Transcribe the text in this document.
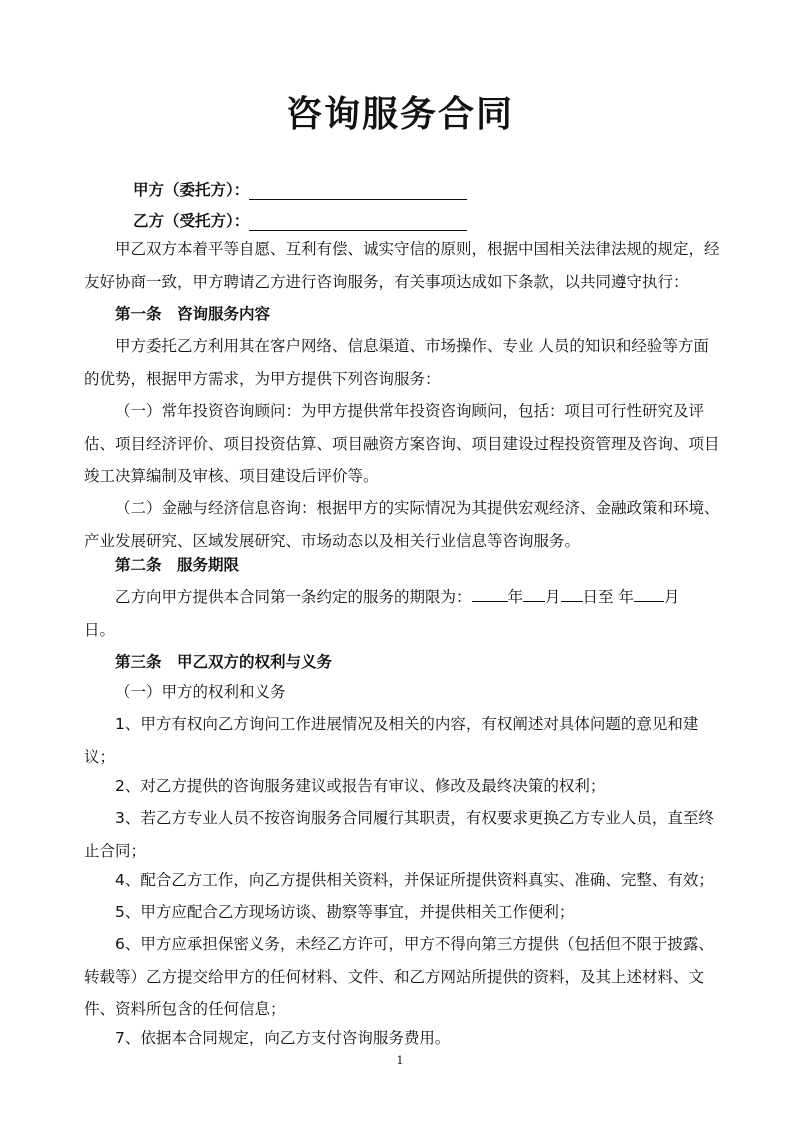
咨询服务合同
甲方（委托方）：
乙方（受托方）：
甲乙双方本着平等自愿、互利有偿、诚实守信的原则，根据中国相关法律法规的规定，经友好协商一致，甲方聘请乙方进行咨询服务，有关事项达成如下条款，以共同遵守执行：
第一条　咨询服务内容
甲方委托乙方利用其在客户网络、信息渠道、市场操作、专业 人员的知识和经验等方面的优势，根据甲方需求，为甲方提供下列咨询服务：
（一）常年投资咨询顾问：为甲方提供常年投资咨询顾问，包括：项目可行性研究及评估、项目经济评价、项目投资估算、项目融资方案咨询、项目建设过程投资管理及咨询、项目竣工决算编制及审核、项目建设后评价等。
（二）金融与经济信息咨询：根据甲方的实际情况为其提供宏观经济、金融政策和环境、产业发展研究、区域发展研究、市场动态以及相关行业信息等咨询服务。
第二条　服务期限
乙方向甲方提供本合同第一条约定的服务的期限为： 年 月 日至 年 月
日。
第三条　甲乙双方的权利与义务
（一）甲方的权利和义务
1、甲方有权向乙方询问工作进展情况及相关的内容，有权阐述对具体问题的意见和建议；
2、对乙方提供的咨询服务建议或报告有审议、修改及最终决策的权利；
3、若乙方专业人员不按咨询服务合同履行其职责，有权要求更换乙方专业人员，直至终止合同；
4、配合乙方工作，向乙方提供相关资料，并保证所提供资料真实、准确、完整、有效；
5、甲方应配合乙方现场访谈、勘察等事宜，并提供相关工作便利；
6、甲方应承担保密义务，未经乙方许可，甲方不得向第三方提供（包括但不限于披露、转载等）乙方提交给甲方的任何材料、文件、和乙方网站所提供的资料，及其上述材料、文件、资料所包含的任何信息；
7、依据本合同规定，向乙方支付咨询服务费用。
1
